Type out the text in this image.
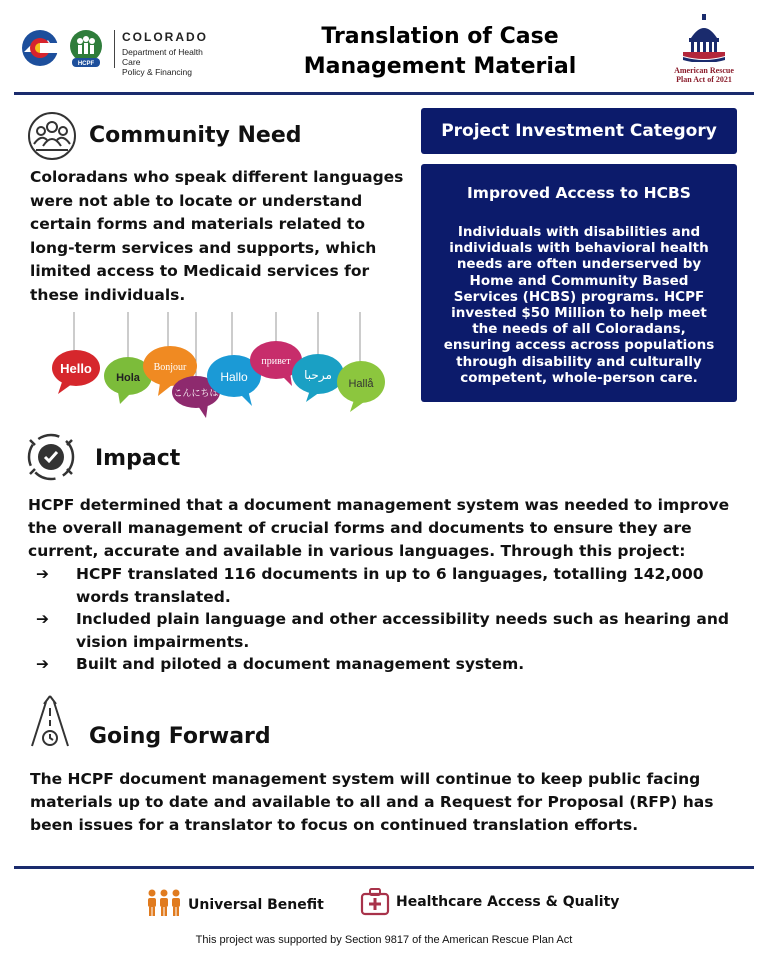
HCPF
COLORADO
Department of Health Care
Policy & Financing
Translation of Case
Management Material	American Rescue
Plan Act of 2021
Community Need
Coloradans who speak different languages were not able to locate or understand certain forms and materials related to long-term services and supports, which limited access to Medicaid services for these individuals.
Hello
Hola
Bonjour
こんにちは
Hallo
привет
مرحبا
Hallå
Project Investment Category
Improved Access to HCBS
Individuals with disabilities and individuals with behavioral health needs are often underserved by Home and Community Based Services (HCBS) programs. HCPF invested $50 Million to help meet the needs of all Coloradans, ensuring access across populations through disability and culturally competent, whole-person care.
Impact
HCPF determined that a document management system was needed to improve the overall management of crucial forms and documents to ensure they are current, accurate and available in various languages. Through this project:
➔ HCPF translated 116 documents in up to 6 languages, totalling 142,000 words translated.
➔ Included plain language and other accessibility needs such as hearing and vision impairments.
➔ Built and piloted a document management system.
Going Forward
The HCPF document management system will continue to keep public facing materials up to date and available to all and a Request for Proposal (RFP) has been issues for a translator to focus on continued translation efforts.
Universal Benefit	Healthcare Access & Quality
This project was supported by Section 9817 of the American Rescue Plan Act
